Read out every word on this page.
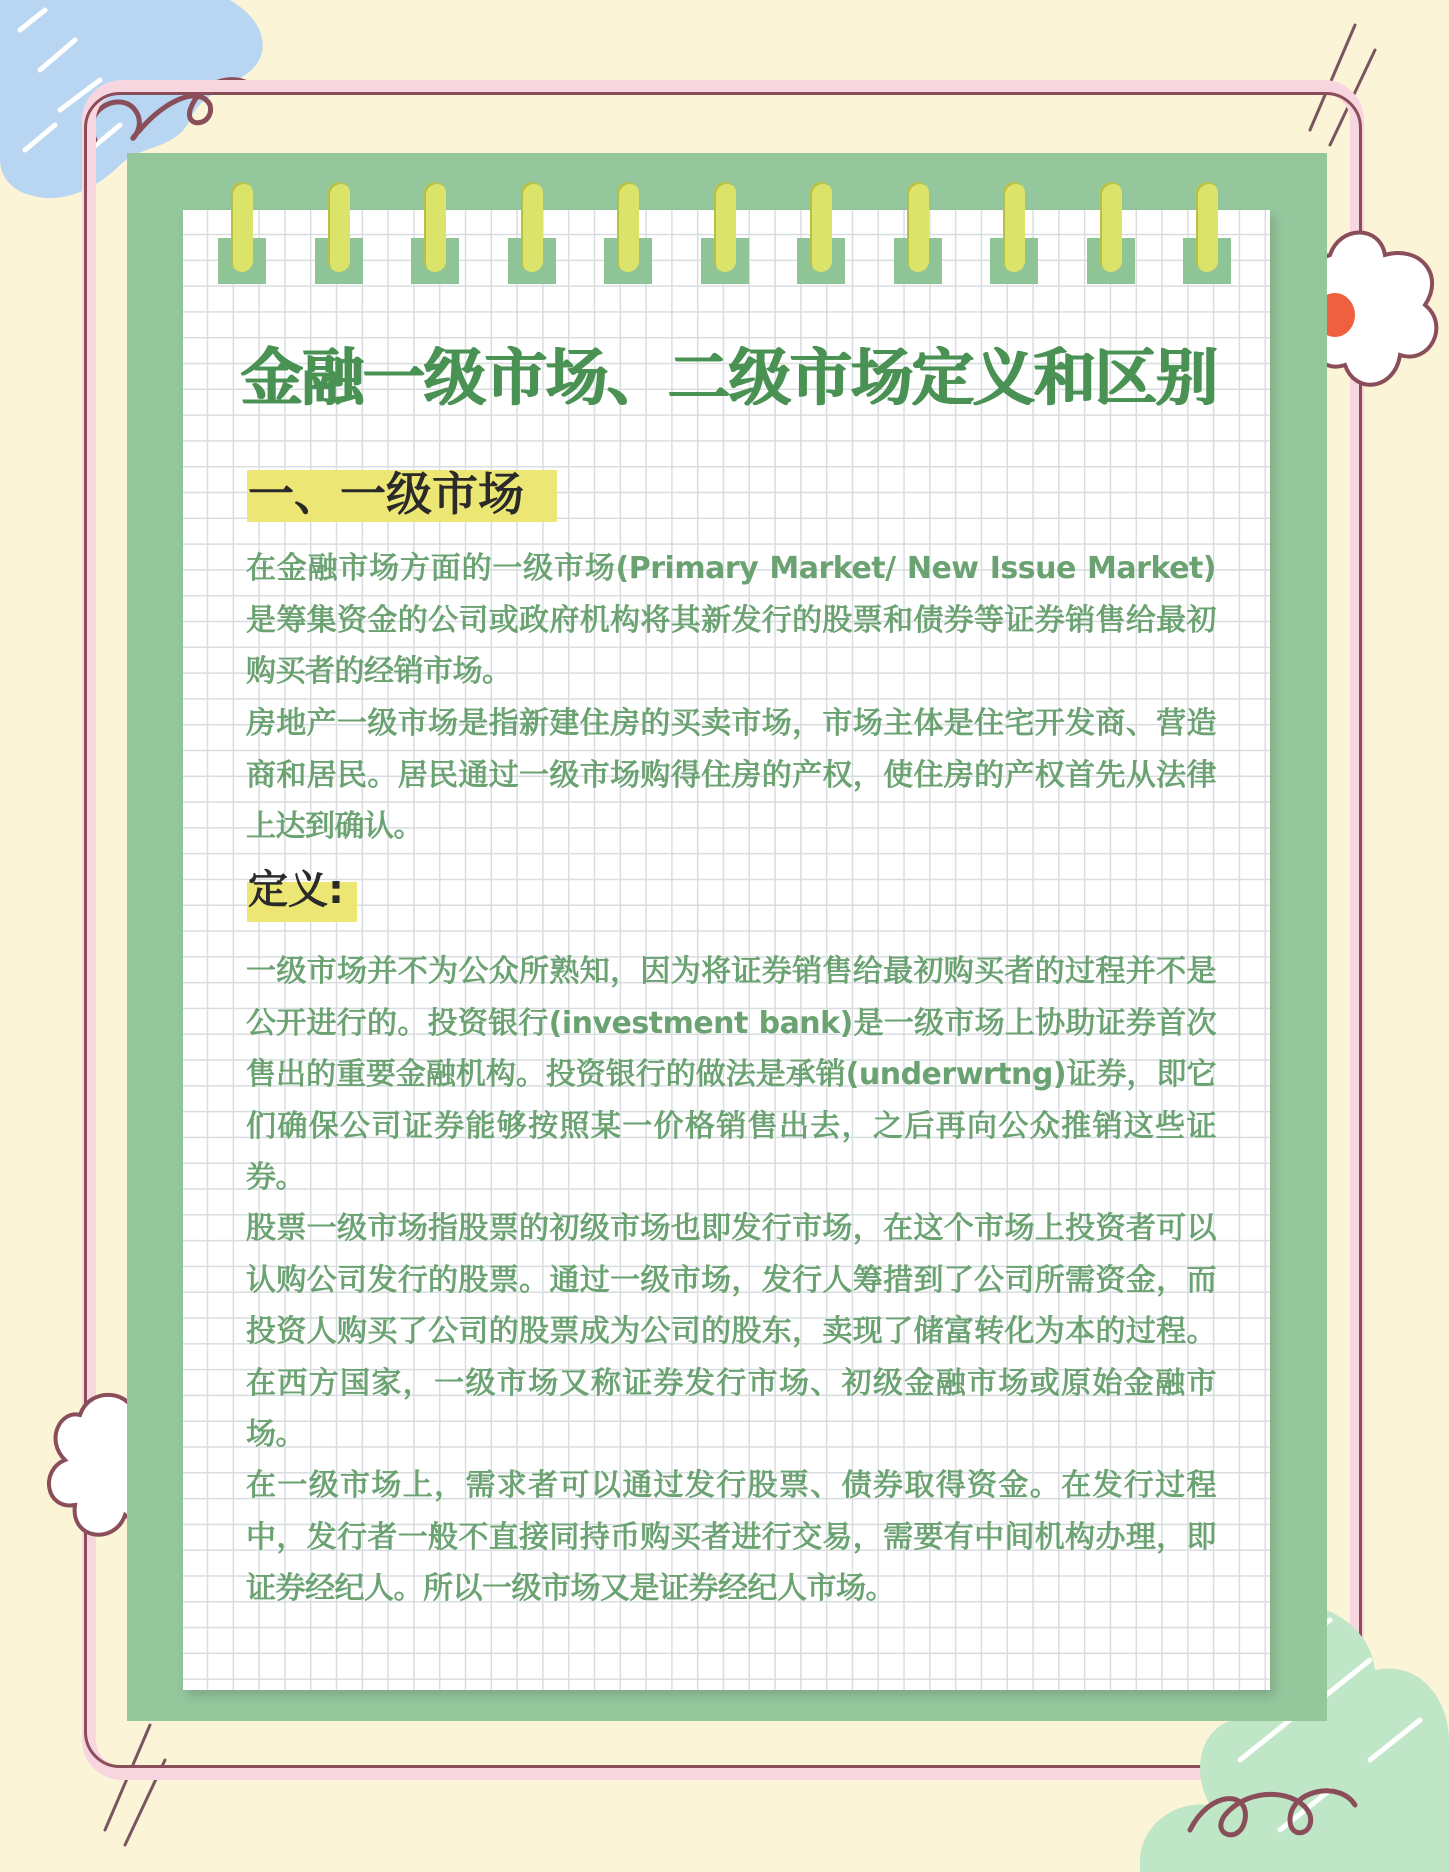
金融一级市场、二级市场定义和区别
一、一级市场
在金融市场方面的一级市场(Primary Market/ New Issue Market)是筹集资金的公司或政府机构将其新发行的股票和债券等证券销售给最初购买者的经销市场。
房地产一级市场是指新建住房的买卖市场，市场主体是住宅开发商、营造商和居民。居民通过一级市场购得住房的产权，使住房的产权首先从法律上达到确认。
定义:
一级市场并不为公众所熟知，因为将证券销售给最初购买者的过程并不是公开进行的。投资银行(investment bank)是一级市场上协助证券首次售出的重要金融机构。投资银行的做法是承销(underwrtng)证券，即它们确保公司证券能够按照某一价格销售出去，之后再向公众推销这些证券。
股票一级市场指股票的初级市场也即发行市场，在这个市场上投资者可以认购公司发行的股票。通过一级市场，发行人筹措到了公司所需资金，而投资人购买了公司的股票成为公司的股东，卖现了储富转化为本的过程。在西方国家，一级市场又称证券发行市场、初级金融市场或原始金融市场。
在一级市场上，需求者可以通过发行股票、债券取得资金。在发行过程中，发行者一般不直接同持币购买者进行交易，需要有中间机构办理，即证券经纪人。所以一级市场又是证券经纪人市场。
